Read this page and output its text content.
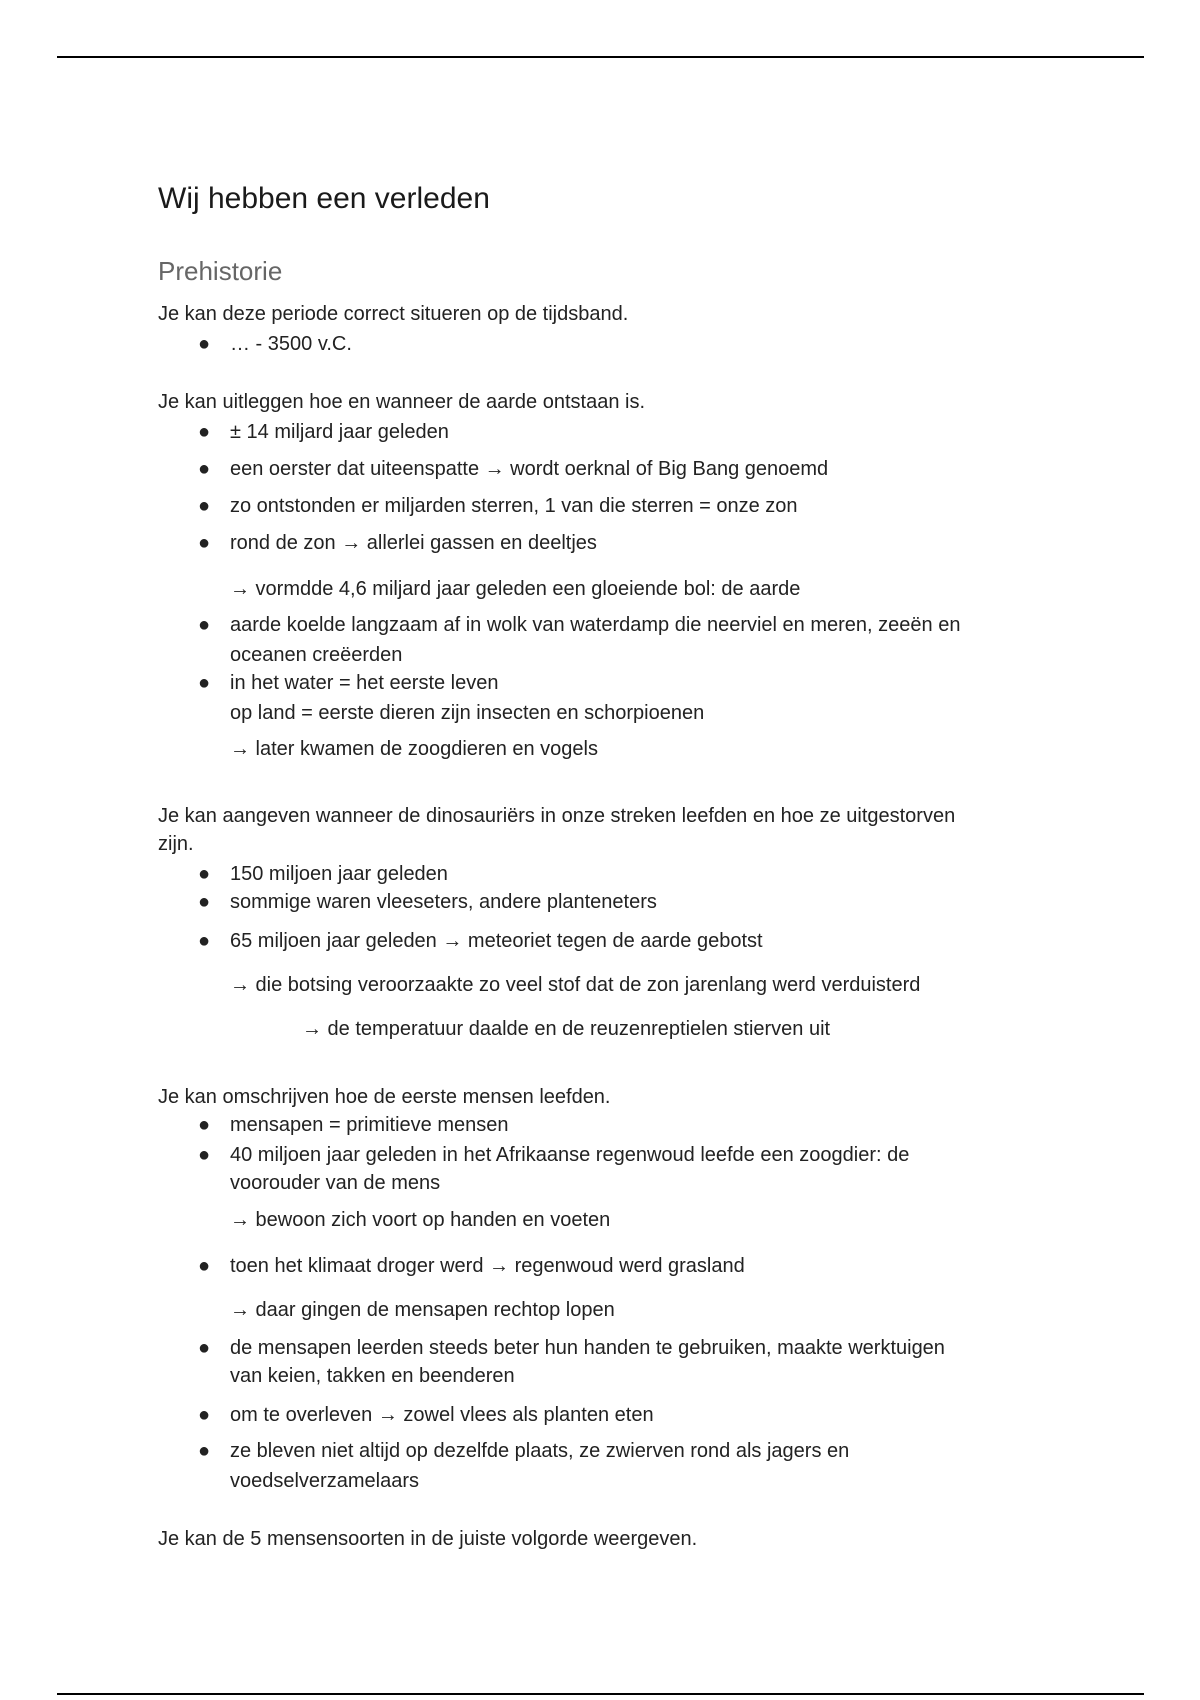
Wij hebben een verleden
Prehistorie
Je kan deze periode correct situeren op de tijdsband.
● … - 3500 v.C.
Je kan uitleggen hoe en wanneer de aarde ontstaan is.
● ± 14 miljard jaar geleden
● een oerster dat uiteenspatte → wordt oerknal of Big Bang genoemd
● zo ontstonden er miljarden sterren, 1 van die sterren = onze zon
● rond de zon → allerlei gassen en deeltjes
→ vormdde 4,6 miljard jaar geleden een gloeiende bol: de aarde
● aarde koelde langzaam af in wolk van waterdamp die neerviel en meren, zeeën en
oceanen creëerden
● in het water = het eerste leven
op land = eerste dieren zijn insecten en schorpioenen
→ later kwamen de zoogdieren en vogels
Je kan aangeven wanneer de dinosauriërs in onze streken leefden en hoe ze uitgestorven
zijn.
● 150 miljoen jaar geleden
● sommige waren vleeseters, andere planteneters
● 65 miljoen jaar geleden → meteoriet tegen de aarde gebotst
→ die botsing veroorzaakte zo veel stof dat de zon jarenlang werd verduisterd
→ de temperatuur daalde en de reuzenreptielen stierven uit
Je kan omschrijven hoe de eerste mensen leefden.
● mensapen = primitieve mensen
● 40 miljoen jaar geleden in het Afrikaanse regenwoud leefde een zoogdier: de
voorouder van de mens
→ bewoon zich voort op handen en voeten
● toen het klimaat droger werd → regenwoud werd grasland
→ daar gingen de mensapen rechtop lopen
● de mensapen leerden steeds beter hun handen te gebruiken, maakte werktuigen
van keien, takken en beenderen
● om te overleven → zowel vlees als planten eten
● ze bleven niet altijd op dezelfde plaats, ze zwierven rond als jagers en
voedselverzamelaars
Je kan de 5 mensensoorten in de juiste volgorde weergeven.
